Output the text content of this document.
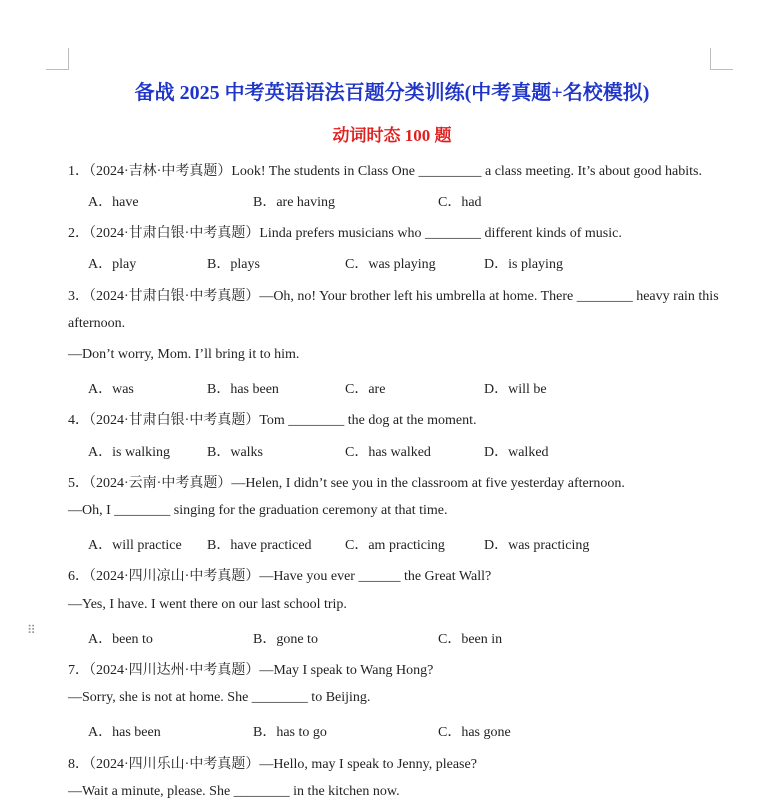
⠿
备战 2025 中考英语语法百题分类训练(中考真题+名校模拟)
动词时态 100 题
1．（2024·吉林·中考真题）Look! The students in Class One _________ a class meeting. It’s about good habits.
A．have	B．are having	C．had
2．（2024·甘肃白银·中考真题）Linda prefers musicians who ________ different kinds of music.
A．play	B．plays	C．was playing	D．is playing
3．（2024·甘肃白银·中考真题）—Oh, no! Your brother left his umbrella at home. There ________ heavy rain this
afternoon.
—Don’t worry, Mom. I’ll bring it to him.
A．was	B．has been	C．are	D．will be
4．（2024·甘肃白银·中考真题）Tom ________ the dog at the moment.
A．is walking	B．walks	C．has walked	D．walked
5．（2024·云南·中考真题）—Helen, I didn’t see you in the classroom at five yesterday afternoon.
—Oh, I ________ singing for the graduation ceremony at that time.
A．will practice B．have practiced C．am practicing	D．was practicing
6．（2024·四川凉山·中考真题）—Have you ever ______ the Great Wall?
—Yes, I have. I went there on our last school trip.
A．been to	B．gone to	C．been in
7．（2024·四川达州·中考真题）—May I speak to Wang Hong?
—Sorry, she is not at home. She ________ to Beijing.
A．has been	B．has to go	C．has gone
8．（2024·四川乐山·中考真题）—Hello, may I speak to Jenny, please?
—Wait a minute, please. She ________ in the kitchen now.
